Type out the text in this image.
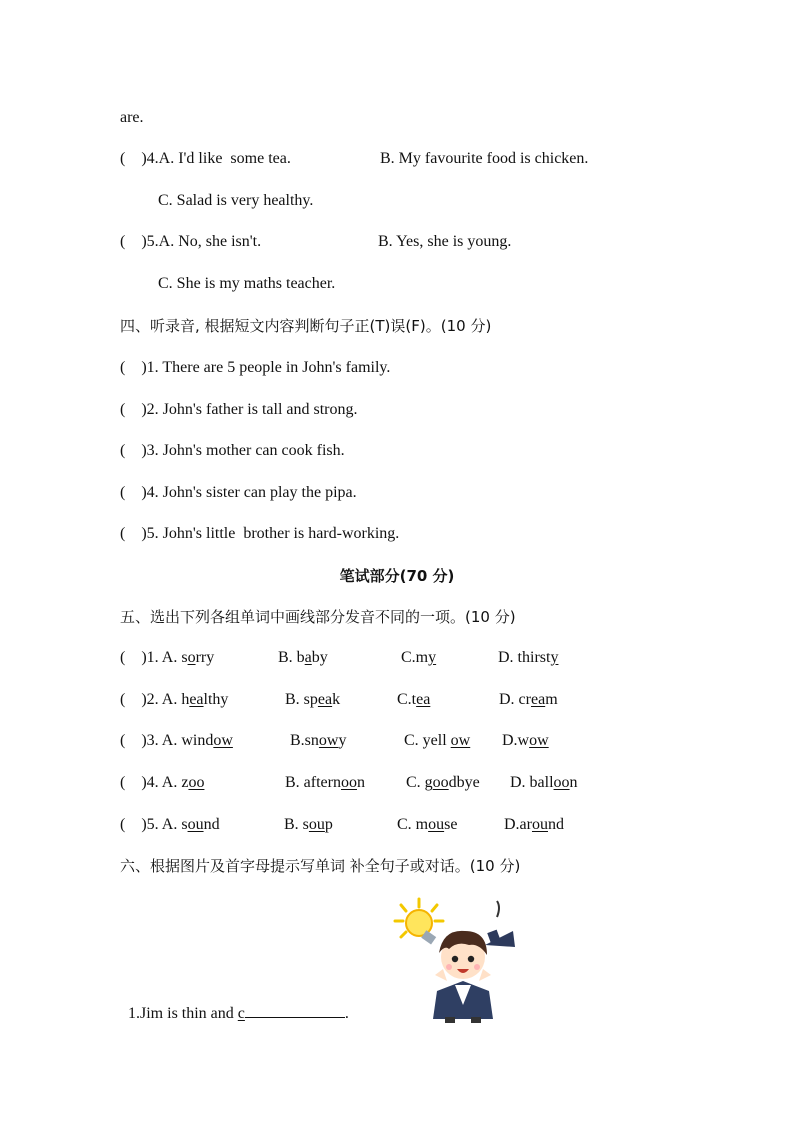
are.
(    )4.A. I'd like  some tea.	B. My favourite food is chicken.
C. Salad is very healthy.
(    )5.A. No, she isn't.	B. Yes, she is young.
C. She is my maths teacher.
四、听录音, 根据短文内容判断句子正(T)误(F)。(10 分)
(    )1. There are 5 people in John's family.
(    )2. John's father is tall and strong.
(    )3. John's mother can cook fish.
(    )4. John's sister can play the pipa.
(    )5. John's little  brother is hard-working.
笔试部分(70 分)
五、选出下列各组单词中画线部分发音不同的一项。(10 分)
(    )1. A. sorry	B. baby	C.my	D. thirsty
(    )2. A. healthy	B. speak	C.tea	D. cream
(    )3. A. window	B.snowy	C. yell ow D.wow
(    )4. A. zoo	B. afternoon	C. goodbye D. balloon
(    )5. A. sound	B. soup	C. mouse	D.around
六、根据图片及首字母提示写单词 补全句子或对话。(10 分)

1.Jim is thin and c	.
